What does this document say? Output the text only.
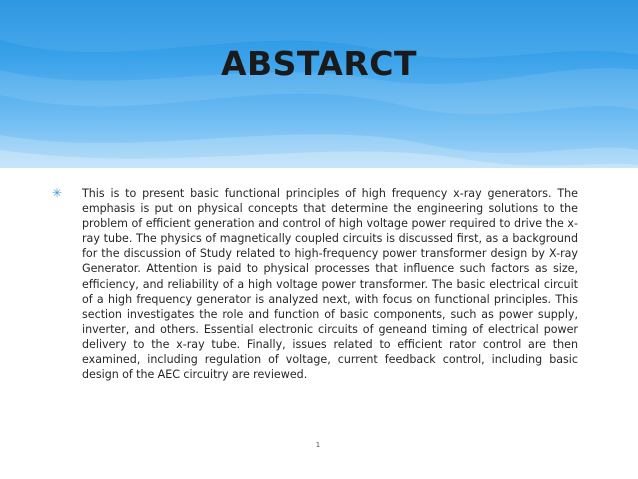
ABSTARCT
✳	This is to present basic functional principles of high frequency x-ray generators. The emphasis is put on physical concepts that determine the engineering solutions to the problem of efficient generation and control of high voltage power required to drive the x-ray tube. The physics of magnetically coupled circuits is discussed first, as a background for the discussion of Study related to high-frequency power transformer design by X-ray Generator. Attention is paid to physical processes that influence such factors as size, efficiency, and reliability of a high voltage power transformer. The basic electrical circuit of a high frequency generator is analyzed next, with focus on functional principles. This section investigates the role and function of basic components, such as power supply, inverter, and others. Essential electronic circuits of geneand timing of electrical power delivery to the x-ray tube. Finally, issues related to efficient rator control are then examined, including regulation of voltage, current feedback control, including basic design of the AEC circuitry are reviewed.

1
